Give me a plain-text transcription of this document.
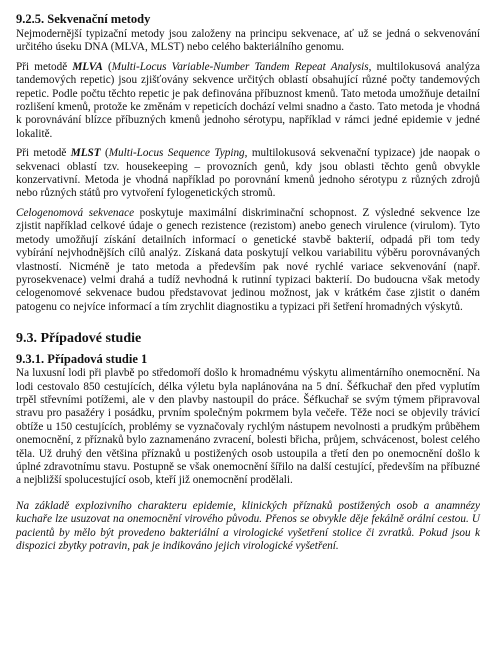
9.2.5. Sekvenační metody

Nejmodernější typizační metody jsou založeny na principu sekvenace, ať už se jedná o sekvenování určitého úseku DNA (MLVA, MLST) nebo celého bakteriálního genomu.

Při metodě MLVA (Multi-Locus Variable-Number Tandem Repeat Analysis, multilokusová analýza tandemových repetic) jsou zjišťovány sekvence určitých oblastí obsahující různé počty tandemových repetic. Podle počtu těchto repetic je pak definována příbuznost kmenů. Tato metoda umožňuje detailní rozlišení kmenů, protože ke změnám v repeticích dochází velmi snadno a často. Tato metoda je vhodná k porovnávání blízce příbuzných kmenů jednoho sérotypu, například v rámci jedné epidemie v jedné lokalitě.

Při metodě MLST (Multi-Locus Sequence Typing, multilokusová sekvenační typizace) jde naopak o sekvenaci oblastí tzv. housekeeping – provozních genů, kdy jsou oblasti těchto genů obvykle konzervativní. Metoda je vhodná například po porovnání kmenů jednoho sérotypu z různých zdrojů nebo různých států pro vytvoření fylogenetických stromů.

Celogenomová sekvenace poskytuje maximální diskriminační schopnost. Z výsledné sekvence lze zjistit například celkové údaje o genech rezistence (rezistom) anebo genech virulence (virulom). Tyto metody umožňují získání detailních informací o genetické stavbě bakterií, odpadá při tom tedy vybírání nejvhodnějších cílů analýz. Získaná data poskytují velkou variabilitu výběru porovnávaných vlastností. Nicméně je tato metoda a především pak nové rychlé variace sekvenování (např. pyrosekvenace) velmi drahá a tudíž nevhodná k rutinní typizaci bakterií. Do budoucna však metody celogenomové sekvenace budou představovat jedinou možnost, jak v krátkém čase zjistit o daném patogenu co nejvíce informací a tím zrychlit diagnostiku a typizaci při šetření hromadných výskytů.

9.3. Případové studie
9.3.1. Případová studie 1

Na luxusní lodi při plavbě po středomoří došlo k hromadnému výskytu alimentárního onemocnění. Na lodi cestovalo 850 cestujících, délka výletu byla naplánována na 5 dní. Šéfkuchař den před vyplutím trpěl střevními potížemi, ale v den plavby nastoupil do práce. Šéfkuchař se svým týmem připravoval stravu pro pasažéry i posádku, prvním společným pokrmem byla večeře. Těže noci se objevily trávicí obtíže u 150 cestujících, problémy se vyznačovaly rychlým nástupem nevolnosti a prudkým průběhem onemocnění, z příznaků bylo zaznamenáno zvracení, bolesti břicha, průjem, schvácenost, bolest celého těla. Už druhý den většina příznaků u postižených osob ustoupila a třetí den po onemocnění došlo k úplné zdravotnímu stavu. Postupně se však onemocnění šířilo na další cestující, především na příbuzné a nejbližší spolucestující osob, kteří již onemocnění prodělali.

Na základě explozivního charakteru epidemie, klinických příznaků postižených osob a anamnézy kuchaře lze usuzovat na onemocnění virového původu. Přenos se obvykle děje fekálně orální cestou. U pacientů by mělo být provedeno bakteriální a virologické vyšetření stolice či zvratků. Pokud jsou k dispozici zbytky potravin, pak je indikováno jejich virologické vyšetření.
